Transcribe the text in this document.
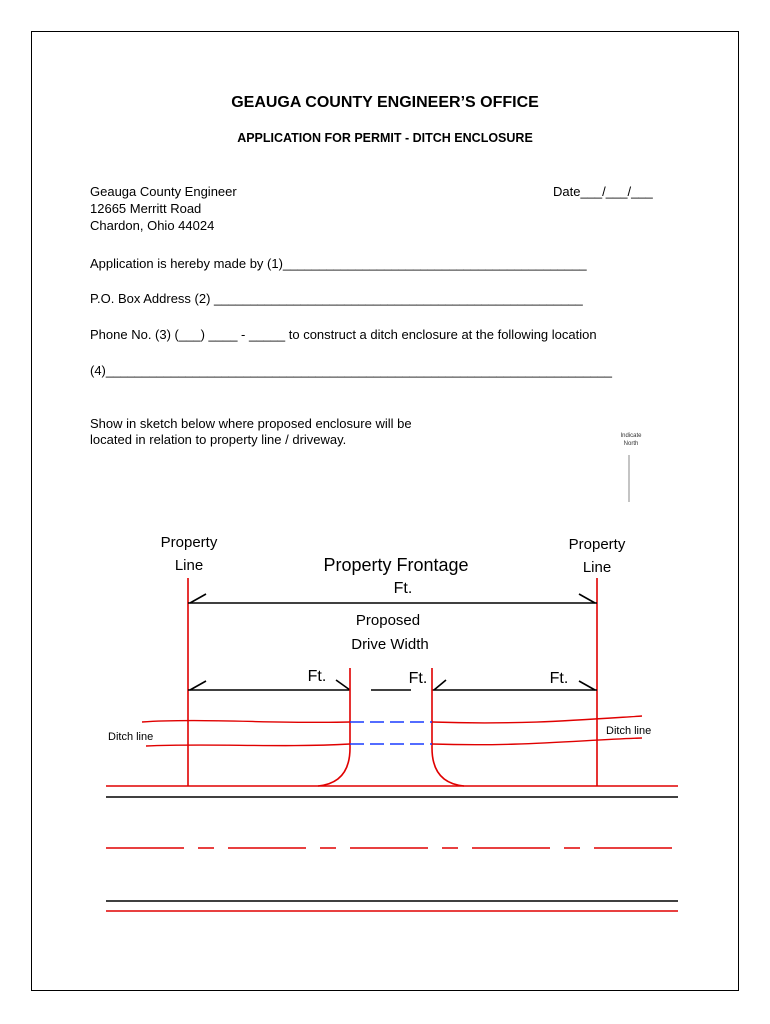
GEAUGA COUNTY ENGINEER’S OFFICE
APPLICATION FOR PERMIT - DITCH ENCLOSURE
Geauga County Engineer
12665 Merritt Road
Chardon, Ohio 44024
Date___/___/___
Application is hereby made by (1)__________________________________________
P.O. Box Address (2) ___________________________________________________
Phone No. (3) (___) ____ - _____ to construct a ditch enclosure at the following location
(4)______________________________________________________________________
Show in sketch below where proposed enclosure will be
located in relation to property line / driveway.	Indicate
North
Property
Line
Property
Line
Property Frontage
Ft.
Proposed
Drive Width
Ft.	Ft.	Ft.
Ditch line	Ditch line
